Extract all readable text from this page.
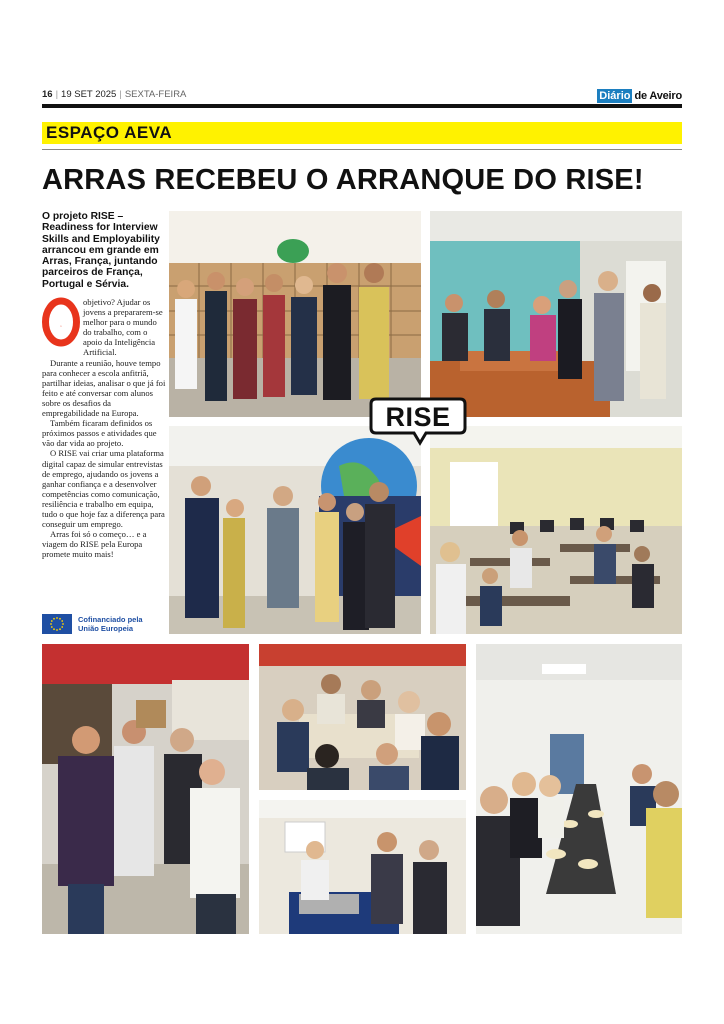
16 | 19 SET 2025 | SEXTA-FEIRA	Diário de Aveiro
ESPAÇO AEVA
ARRAS RECEBEU O ARRANQUE DO RISE!
O projeto RISE – Readiness for Interview Skills and Employability arrancou em grande em Arras, França, juntando parceiros de França, Portugal e Sérvia.
O

objetivo? Ajudar os jovens a prepararem-se melhor para o mundo do trabalho, com o apoio da Inteligência Artificial.

Durante a reunião, houve tempo para conhecer a escola anfitriã, partilhar ideias, analisar o que já foi feito e até conversar com alunos sobre os desafios da empregabilidade na Europa.

Também ficaram definidos os próximos passos e atividades que vão dar vida ao projeto.

O RISE vai criar uma plataforma digital capaz de simular entrevistas de emprego, ajudando os jovens a ganhar confiança e a desenvolver competências como comunicação, resiliência e trabalho em equipa, tudo o que hoje faz a diferença para conseguir um emprego.

Arras foi só o começo… e a viagem do RISE pela Europa promete muito mais!

Cofinanciado pela
União Europeia
RISE
